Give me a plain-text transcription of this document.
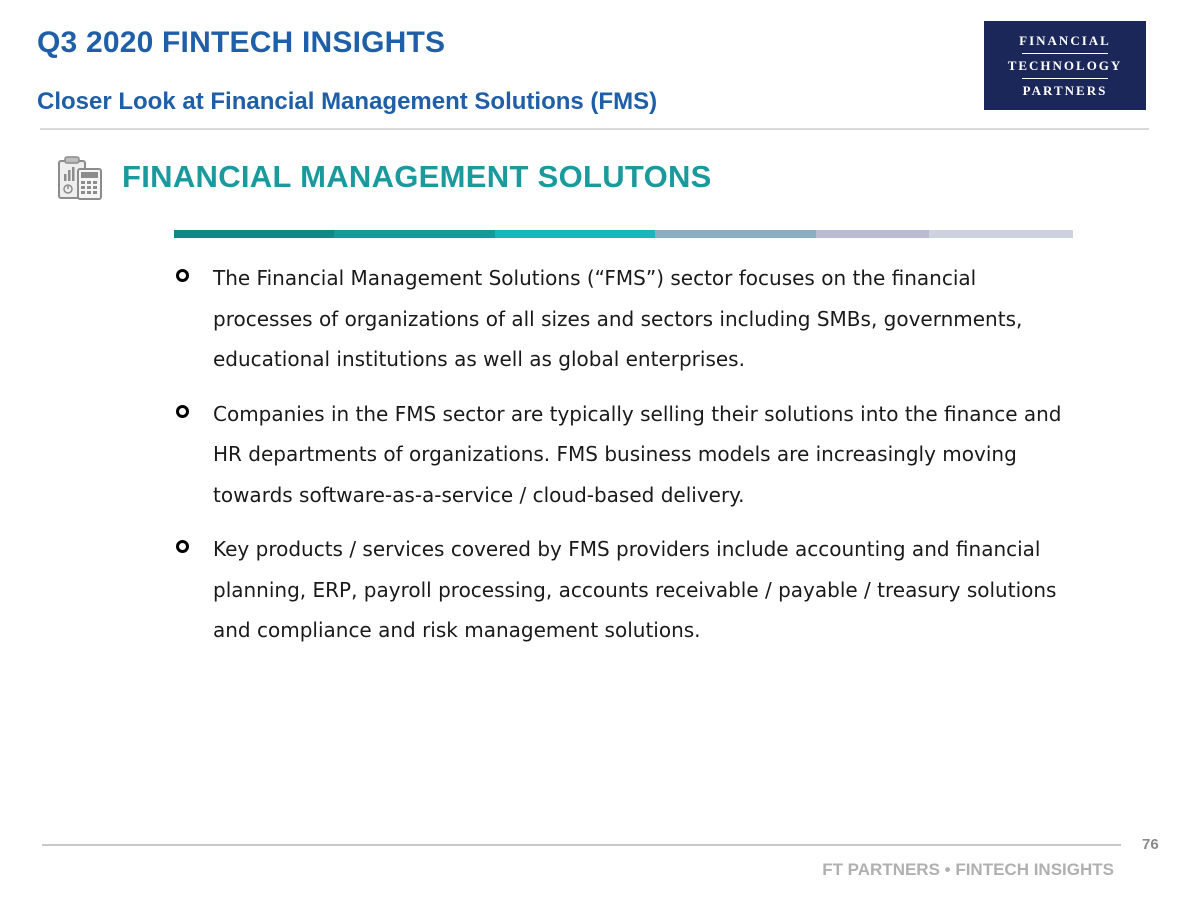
Q3 2020 FINTECH INSIGHTS
Closer Look at Financial Management Solutions (FMS)
FINANCIAL
TECHNOLOGY
PARTNERS
FINANCIAL MANAGEMENT SOLUTONS
The Financial Management Solutions (“FMS”) sector focuses on the financial processes of organizations of all sizes and sectors including SMBs, governments, educational institutions as well as global enterprises.
Companies in the FMS sector are typically selling their solutions into the finance and HR departments of organizations. FMS business models are increasingly moving towards software-as-a-service / cloud-based delivery.
Key products / services covered by FMS providers include accounting and financial planning, ERP, payroll processing, accounts receivable / payable / treasury solutions and compliance and risk management solutions.
76
FT PARTNERS • FINTECH INSIGHTS
